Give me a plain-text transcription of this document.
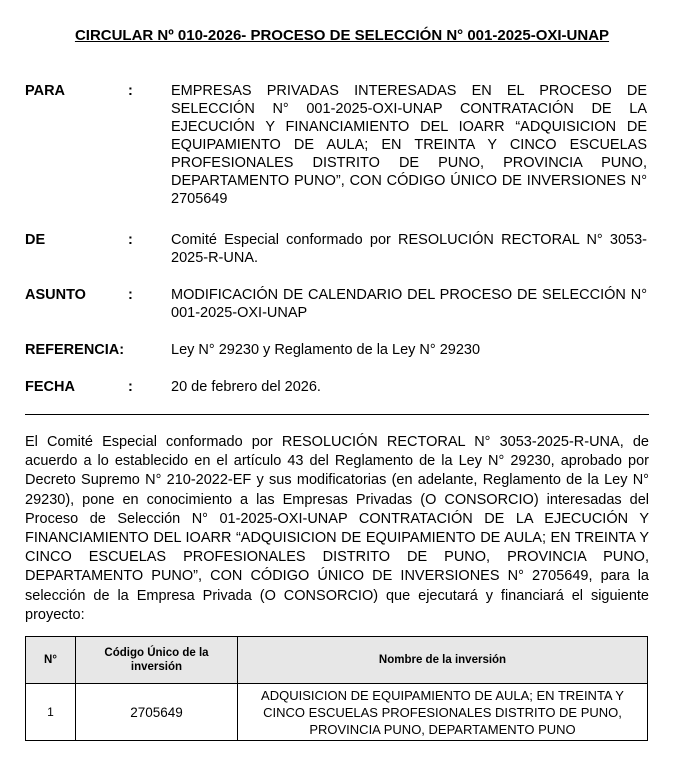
CIRCULAR Nº 010-2026- PROCESO DE SELECCIÓN N° 001-2025-OXI-UNAP
PARA	:	EMPRESAS PRIVADAS INTERESADAS EN EL PROCESO DE SELECCIÓN N° 001-2025-OXI-UNAP CONTRATACIÓN DE LA EJECUCIÓN Y FINANCIAMIENTO DEL IOARR “ADQUISICION DE EQUIPAMIENTO DE AULA; EN TREINTA Y CINCO ESCUELAS PROFESIONALES DISTRITO DE PUNO, PROVINCIA PUNO, DEPARTAMENTO PUNO”, CON CÓDIGO ÚNICO DE INVERSIONES N° 2705649
DE	:	Comité Especial conformado por RESOLUCIÓN RECTORAL N° 3053-2025-R-UNA.
ASUNTO	:	MODIFICACIÓN DE CALENDARIO DEL PROCESO DE SELECCIÓN N° 001-2025-OXI-UNAP
REFERENCIA:	Ley N° 29230 y Reglamento de la Ley N° 29230
FECHA	:	20 de febrero del 2026.
El Comité Especial conformado por RESOLUCIÓN RECTORAL N° 3053-2025-R-UNA, de acuerdo a lo establecido en el artículo 43 del Reglamento de la Ley N° 29230, aprobado por Decreto Supremo N° 210-2022-EF y sus modificatorias (en adelante, Reglamento de la Ley N° 29230), pone en conocimiento a las Empresas Privadas (O CONSORCIO) interesadas del Proceso de Selección N° 01-2025-OXI-UNAP CONTRATACIÓN DE LA EJECUCIÓN Y FINANCIAMIENTO DEL IOARR “ADQUISICION DE EQUIPAMIENTO DE AULA; EN TREINTA Y CINCO ESCUELAS PROFESIONALES DISTRITO DE PUNO, PROVINCIA PUNO, DEPARTAMENTO PUNO”, CON CÓDIGO ÚNICO DE INVERSIONES N° 2705649, para la selección de la Empresa Privada (O CONSORCIO) que ejecutará y financiará el siguiente proyecto:
N°	Código Único de la inversión	Nombre de la inversión
1	2705649	ADQUISICION DE EQUIPAMIENTO DE AULA; EN TREINTA Y CINCO ESCUELAS PROFESIONALES DISTRITO DE PUNO, PROVINCIA PUNO, DEPARTAMENTO PUNO
